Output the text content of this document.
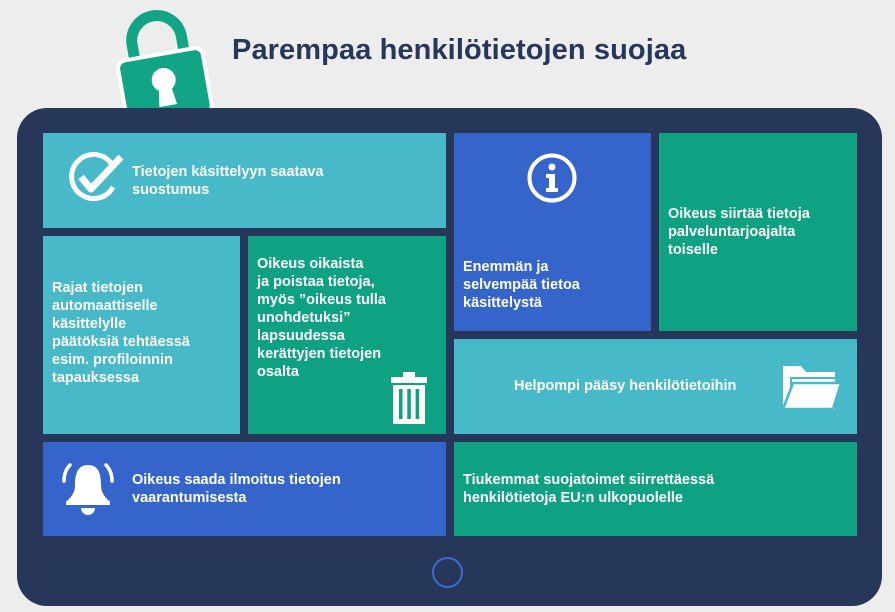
Parempaa henkilötietojen suojaa
Tietojen käsittelyyn saatava
suostumus
Enemmän ja
selvempää tietoa
käsittelystä
Oikeus siirtää tietoja
palveluntarjoajalta
toiselle
Rajat tietojen
automaattiselle
käsittelylle
päätöksiä tehtäessä
esim. profiloinnin
tapauksessa
Oikeus oikaista
ja poistaa tietoja,
myös ”oikeus tulla
unohdetuksi”
lapsuudessa
kerättyjen tietojen
osalta
Helpompi pääsy henkilötietoihin
Oikeus saada ilmoitus tietojen
vaarantumisesta
Tiukemmat suojatoimet siirrettäessä
henkilötietoja EU:n ulkopuolelle
